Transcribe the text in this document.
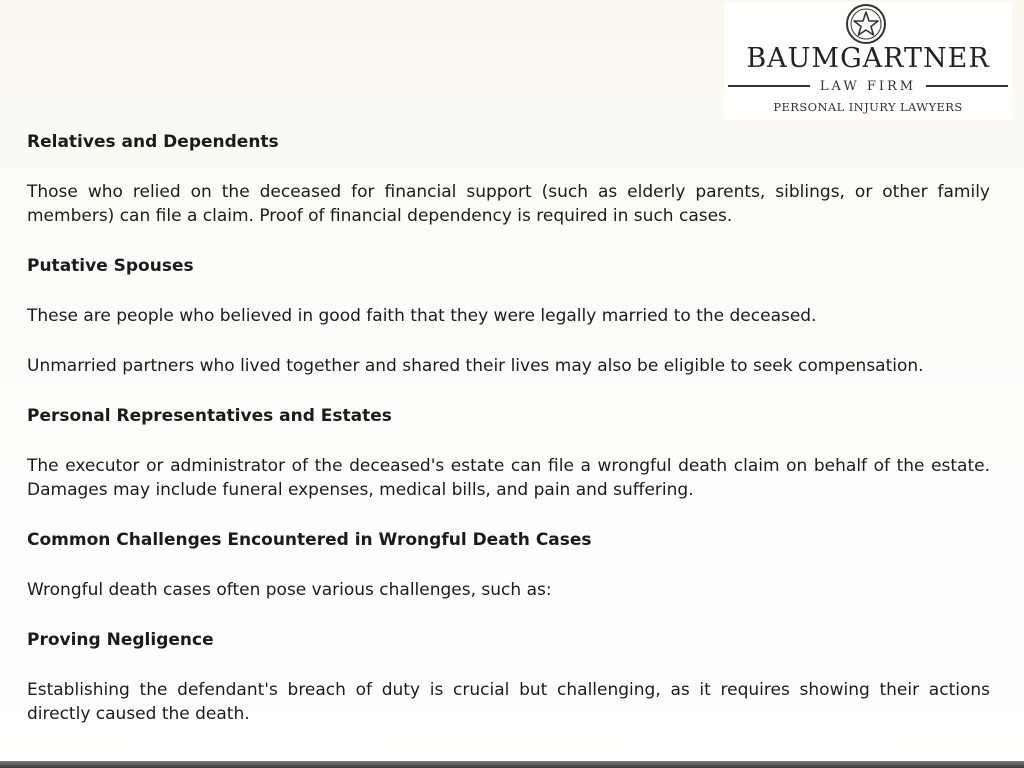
BAUMGARTNER
LAW FIRM
PERSONAL INJURY LAWYERS

Relatives and Dependents

Those who relied on the deceased for financial support (such as elderly parents, siblings, or other family members) can file a claim. Proof of financial dependency is required in such cases.

Putative Spouses

These are people who believed in good faith that they were legally married to the deceased.

Unmarried partners who lived together and shared their lives may also be eligible to seek compensation.

Personal Representatives and Estates

The executor or administrator of the deceased's estate can file a wrongful death claim on behalf of the estate. Damages may include funeral expenses, medical bills, and pain and suffering.

Common Challenges Encountered in Wrongful Death Cases

Wrongful death cases often pose various challenges, such as:

Proving Negligence

Establishing the defendant's breach of duty is crucial but challenging, as it requires showing their actions directly caused the death.
